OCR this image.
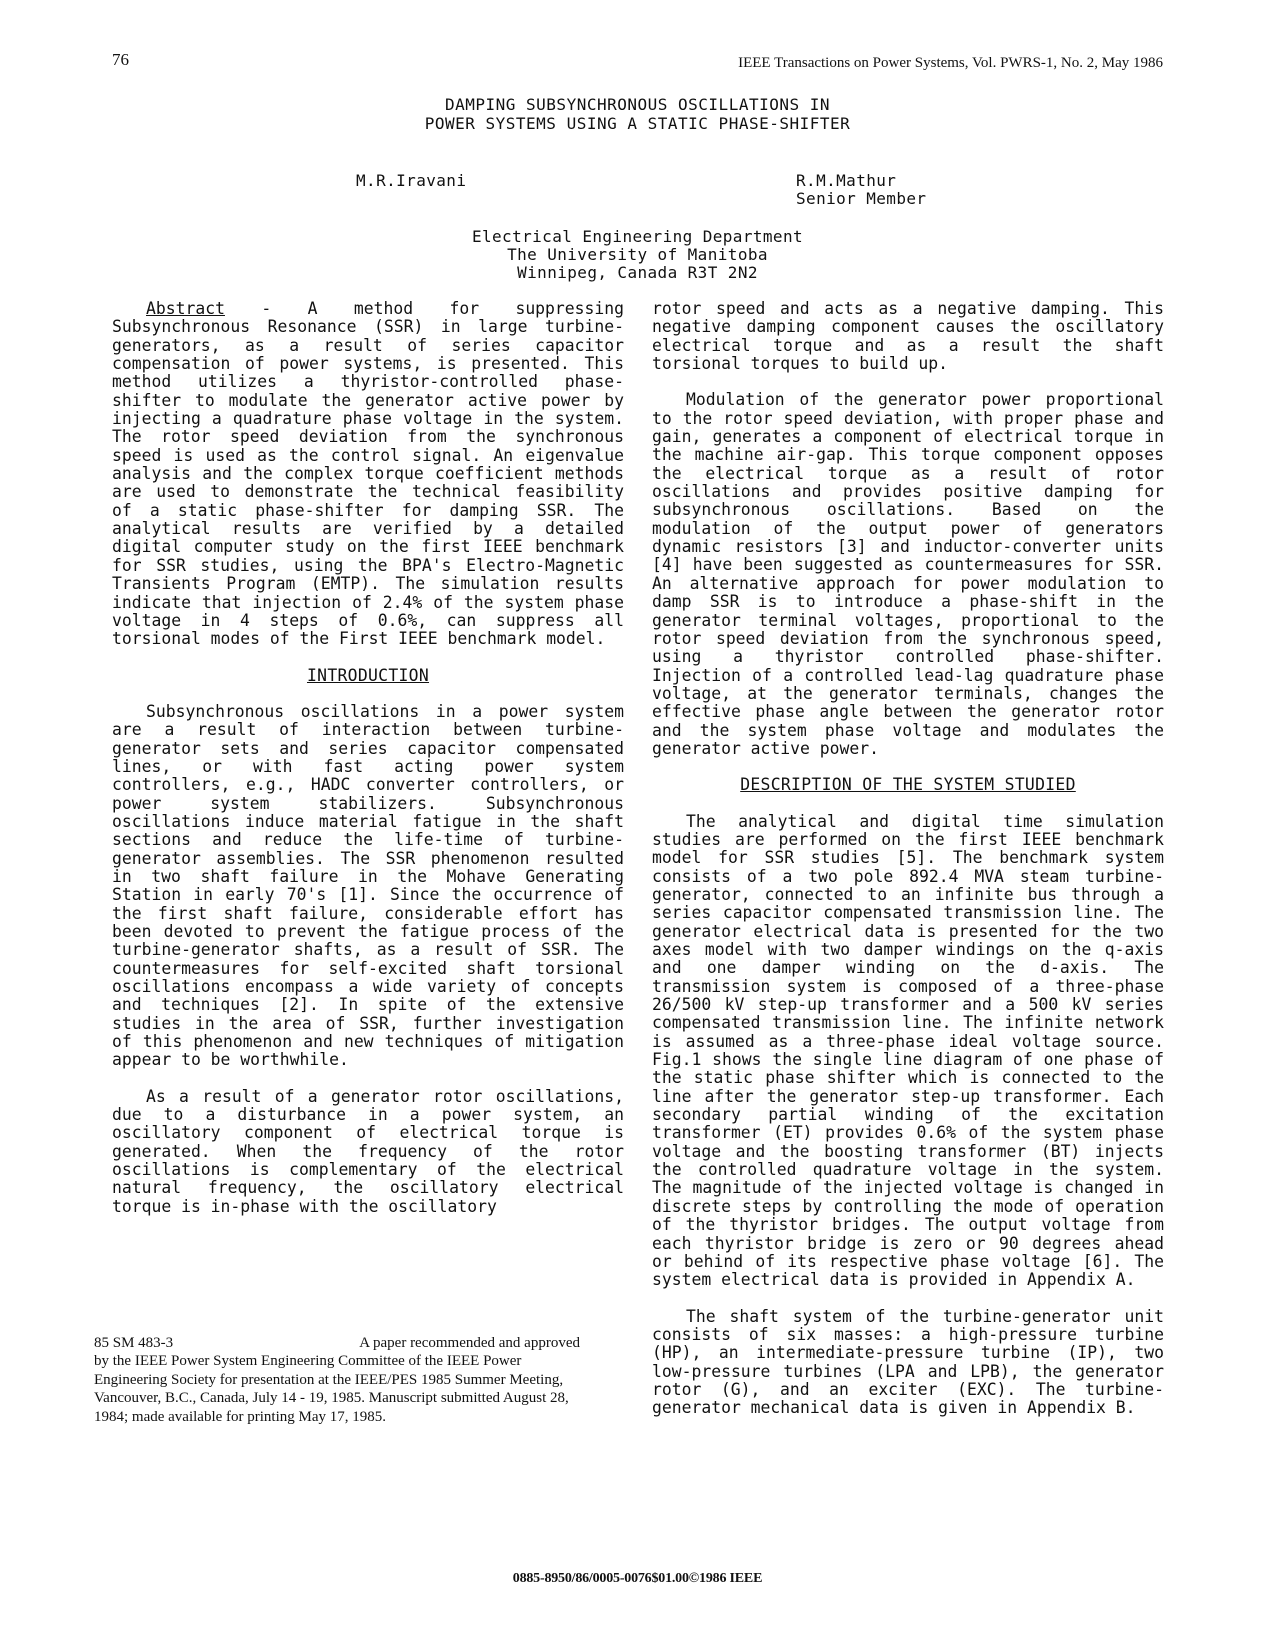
76	IEEE Transactions on Power Systems, Vol. PWRS-1, No. 2, May 1986
DAMPING SUBSYNCHRONOUS OSCILLATIONS IN
POWER SYSTEMS USING A STATIC PHASE-SHIFTER
M.R.Iravani	R.M.Mathur
Senior Member
Electrical Engineering Department
The University of Manitoba
Winnipeg, Canada R3T 2N2

Abstract - A method for suppressing Subsynchronous Resonance (SSR) in large turbine-generators, as a result of series capacitor compensation of power systems, is presented. This method utilizes a thyristor-controlled phase-shifter to modulate the generator active power by injecting a quadrature phase voltage in the system. The rotor speed deviation from the synchronous speed is used as the control signal. An eigenvalue analysis and the complex torque coefficient methods are used to demonstrate the technical feasibility of a static phase-shifter for damping SSR. The analytical results are verified by a detailed digital computer study on the first IEEE benchmark for SSR studies, using the BPA's Electro-Magnetic Transients Program (EMTP). The simulation results indicate that injection of 2.4% of the system phase voltage in 4 steps of 0.6%, can suppress all torsional modes of the First IEEE benchmark model.

INTRODUCTION

Subsynchronous oscillations in a power system are a result of interaction between turbine-generator sets and series capacitor compensated lines, or with fast acting power system controllers, e.g., HADC converter controllers, or power system stabilizers. Subsynchronous oscillations induce material fatigue in the shaft sections and reduce the life-time of turbine-generator assemblies. The SSR phenomenon resulted in two shaft failure in the Mohave Generating Station in early 70's [1]. Since the occurrence of the first shaft failure, considerable effort has been devoted to prevent the fatigue process of the turbine-generator shafts, as a result of SSR. The countermeasures for self-excited shaft torsional oscillations encompass a wide variety of concepts and techniques [2]. In spite of the extensive studies in the area of SSR, further investigation of this phenomenon and new techniques of mitigation appear to be worthwhile.

As a result of a generator rotor oscillations, due to a disturbance in a power system, an oscillatory component of electrical torque is generated. When the frequency of the rotor oscillations is complementary of the electrical natural frequency, the oscillatory electrical torque is in-phase with the oscillatory

rotor speed and acts as a negative damping. This negative damping component causes the oscillatory electrical torque and as a result the shaft torsional torques to build up.

Modulation of the generator power proportional to the rotor speed deviation, with proper phase and gain, generates a component of electrical torque in the machine air-gap. This torque component opposes the electrical torque as a result of rotor oscillations and provides positive damping for subsynchronous oscillations. Based on the modulation of the output power of generators dynamic resistors [3] and inductor-converter units [4] have been suggested as countermeasures for SSR. An alternative approach for power modulation to damp SSR is to introduce a phase-shift in the generator terminal voltages, proportional to the rotor speed deviation from the synchronous speed, using a thyristor controlled phase-shifter. Injection of a controlled lead-lag quadrature phase voltage, at the generator terminals, changes the effective phase angle between the generator rotor and the system phase voltage and modulates the generator active power.

DESCRIPTION OF THE SYSTEM STUDIED

The analytical and digital time simulation studies are performed on the first IEEE benchmark model for SSR studies [5]. The benchmark system consists of a two pole 892.4 MVA steam turbine-generator, connected to an infinite bus through a series capacitor compensated transmission line. The generator electrical data is presented for the two axes model with two damper windings on the q-axis and one damper winding on the d-axis. The transmission system is composed of a three-phase 26/500 kV step-up transformer and a 500 kV series compensated transmission line. The infinite network is assumed as a three-phase ideal voltage source. Fig.1 shows the single line diagram of one phase of the static phase shifter which is connected to the line after the generator step-up transformer. Each secondary partial winding of the excitation transformer (ET) provides 0.6% of the system phase voltage and the boosting transformer (BT) injects the controlled quadrature voltage in the system. The magnitude of the injected voltage is changed in discrete steps by controlling the mode of operation of the thyristor bridges. The output voltage from each thyristor bridge is zero or 90 degrees ahead or behind of its respective phase voltage [6]. The system electrical data is provided in Appendix A.

The shaft system of the turbine-generator unit consists of six masses: a high-pressure turbine (HP), an intermediate-pressure turbine (IP), two low-pressure turbines (LPA and LPB), the generator rotor (G), and an exciter (EXC). The turbine-generator mechanical data is given in Appendix B.

85 SM 483-3	A paper recommended and approved
by the IEEE Power System Engineering Committee of the IEEE Power Engineering Society for presentation at the IEEE/PES 1985 Summer Meeting, Vancouver, B.C., Canada, July 14 - 19, 1985. Manuscript submitted August 28, 1984; made available for printing May 17, 1985.
0885-8950/86/0005-0076$01.00©1986 IEEE
